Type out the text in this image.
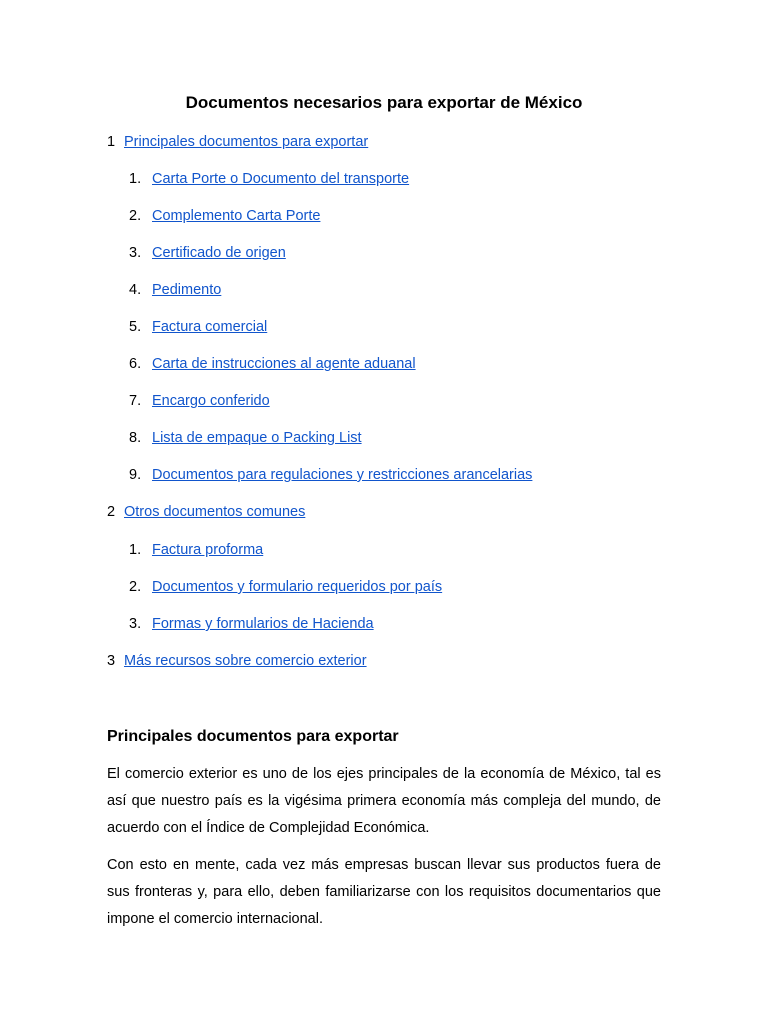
Documentos necesarios para exportar de México
1 Principales documentos para exportar
1. Carta Porte o Documento del transporte
2. Complemento Carta Porte
3. Certificado de origen
4. Pedimento
5. Factura comercial
6. Carta de instrucciones al agente aduanal
7. Encargo conferido
8. Lista de empaque o Packing List
9. Documentos para regulaciones y restricciones arancelarias
2 Otros documentos comunes
1. Factura proforma
2. Documentos y formulario requeridos por país
3. Formas y formularios de Hacienda
3 Más recursos sobre comercio exterior
Principales documentos para exportar

El comercio exterior es uno de los ejes principales de la economía de México, tal es así que nuestro país es la vigésima primera economía más compleja del mundo, de acuerdo con el Índice de Complejidad Económica.

Con esto en mente, cada vez más empresas buscan llevar sus productos fuera de sus fronteras y, para ello, deben familiarizarse con los requisitos documentarios que impone el comercio internacional.
